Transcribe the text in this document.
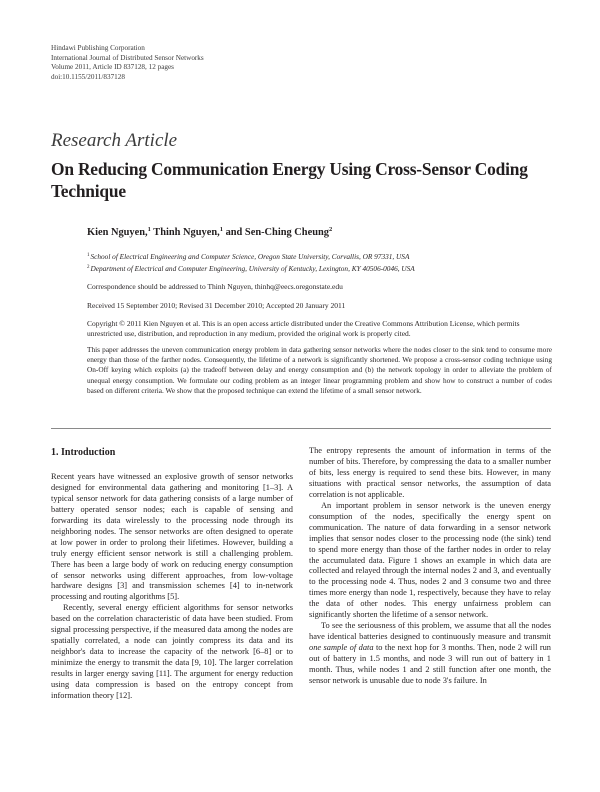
Hindawi Publishing Corporation
International Journal of Distributed Sensor Networks
Volume 2011, Article ID 837128, 12 pages
doi:10.1155/2011/837128
Research Article
On Reducing Communication Energy Using Cross-Sensor Coding Technique
Kien Nguyen,$^1$ Thinh Nguyen,$^1$ and Sen-Ching Cheung$^2$
$^1$School of Electrical Engineering and Computer Science, Oregon State University, Corvallis, OR 97331, USA
$^2$Department of Electrical and Computer Engineering, University of Kentucky, Lexington, KY 40506-0046, USA
Correspondence should be addressed to Thinh Nguyen, thinhq@eecs.oregonstate.edu
Received 15 September 2010; Revised 31 December 2010; Accepted 20 January 2011
Copyright © 2011 Kien Nguyen et al. This is an open access article distributed under the Creative Commons Attribution License, which permits unrestricted use, distribution, and reproduction in any medium, provided the original work is properly cited.
This paper addresses the uneven communication energy problem in data gathering sensor networks where the nodes closer to the sink tend to consume more energy than those of the farther nodes. Consequently, the lifetime of a network is significantly shortened. We propose a cross-sensor coding technique using On-Off keying which exploits (a) the tradeoff between delay and energy consumption and (b) the network topology in order to alleviate the problem of unequal energy consumption. We formulate our coding problem as an integer linear programming problem and show how to construct a number of codes based on different criteria. We show that the proposed technique can extend the lifetime of a small sensor network.
1. Introduction

Recent years have witnessed an explosive growth of sensor networks designed for environmental data gathering and monitoring [1–3]. A typical sensor network for data gathering consists of a large number of battery operated sensor nodes; each is capable of sensing and forwarding its data wirelessly to the processing node through its neighboring nodes. The sensor networks are often designed to operate at low power in order to prolong their lifetimes. However, building a truly energy efficient sensor network is still a challenging problem. There has been a large body of work on reducing energy consumption of sensor networks using different approaches, from low-voltage hardware designs [3] and transmission schemes [4] to in-network processing and routing algorithms [5].

Recently, several energy efficient algorithms for sensor networks based on the correlation characteristic of data have been studied. From signal processing perspective, if the measured data among the nodes are spatially correlated, a node can jointly compress its data and its neighbor's data to increase the capacity of the network [6–8] or to minimize the energy to transmit the data [9, 10]. The larger correlation results in larger energy saving [11]. The argument for energy reduction using data compression is based on the entropy concept from information theory [12].

The entropy represents the amount of information in terms of the number of bits. Therefore, by compressing the data to a smaller number of bits, less energy is required to send these bits. However, in many situations with practical sensor networks, the assumption of data correlation is not applicable.

An important problem in sensor network is the uneven energy consumption of the nodes, specifically the energy spent on communication. The nature of data forwarding in a sensor network implies that sensor nodes closer to the processing node (the sink) tend to spend more energy than those of the farther nodes in order to relay the accumulated data. Figure 1 shows an example in which data are collected and relayed through the internal nodes 2 and 3, and eventually to the processing node 4. Thus, nodes 2 and 3 consume two and three times more energy than node 1, respectively, because they have to relay the data of other nodes. This energy unfairness problem can significantly shorten the lifetime of a sensor network.

To see the seriousness of this problem, we assume that all the nodes have identical batteries designed to continuously measure and transmit one sample of data to the next hop for 3 months. Then, node 2 will run out of battery in 1.5 months, and node 3 will run out of battery in 1 month. Thus, while nodes 1 and 2 still function after one month, the sensor network is unusable due to node 3's failure. In
